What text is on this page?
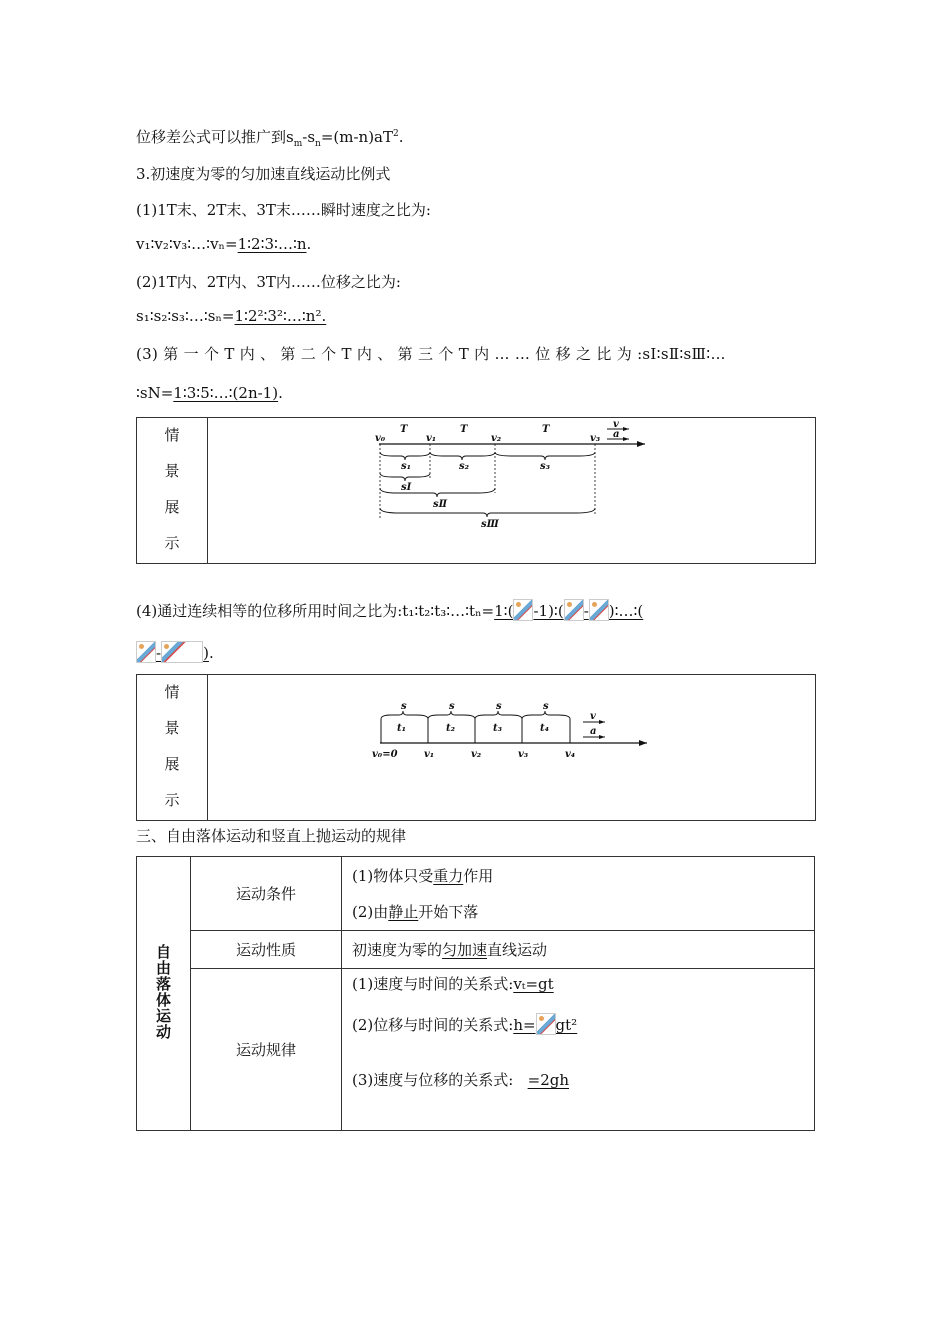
位移差公式可以推广到$s_m-s_n=(m-n)aT^2$.
3.初速度为零的匀加速直线运动比例式
(1)1T末、2T末、3T末……瞬时速度之比为:
v₁∶v₂∶v₃∶…∶vₙ=1∶2∶3∶…∶n.
(2)1T内、2T内、3T内……位移之比为:
s₁∶s₂∶s₃∶…∶sₙ=1∶2²∶3²∶…∶n².
(3) 第 一 个 T 内 、 第 二 个 T 内 、 第 三 个 T 内 … … 位 移 之 比 为 :sⅠ∶sⅡ∶sⅢ∶…
∶sN=1∶3∶5∶…∶(2n-1).
情
景
展
示
v
a
v₀	v₁	v₂	v₃
T	T	T
s₁	s₂	s₃
sⅠ
sⅡ
sⅢ
(4)通过连续相等的位移所用时间之比为:t₁∶t₂∶t₃∶…∶tₙ=1∶( -1)∶( - )∶…∶(
-	).
情
景
展
示
v
a
s	s	s	s
t₁	t₂	t₃	t₄
v₀=0	v₁	v₂	v₃	v₄
三、自由落体运动和竖直上抛运动的规律
自由落体运动	运动条件	(1)物体只受重力作用
(2)由静止开始下落

	运动性质	初速度为零的匀加速直线运动
	运动规律	(1)速度与时间的关系式:vₜ=gt
(2)位移与时间的关系式:h= gt²
(3)速度与位移的关系式: =2gh
